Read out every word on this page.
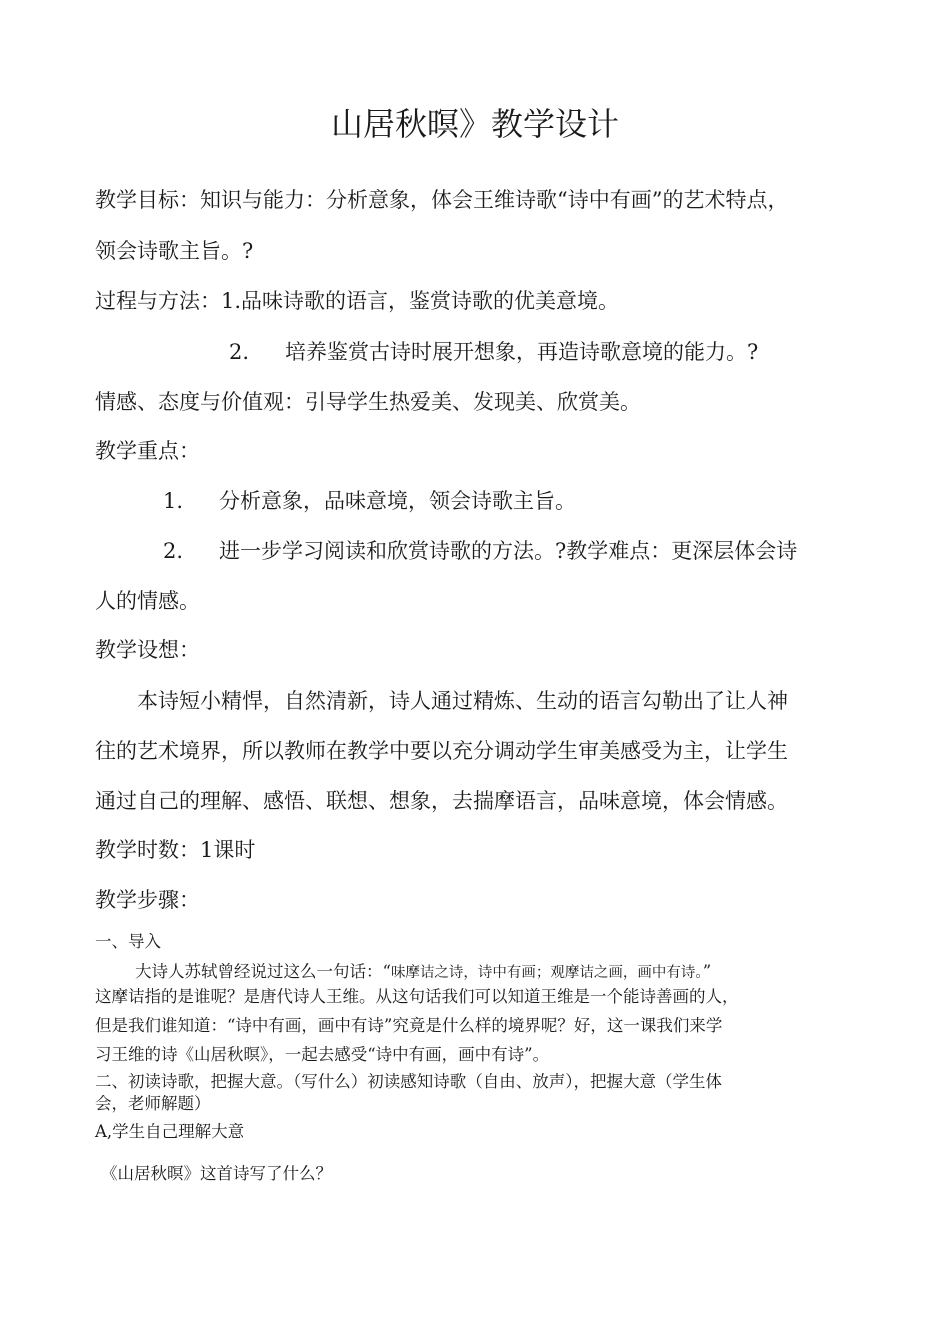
山居秋暝》教学设计
教学目标：知识与能力：分析意象，体会王维诗歌“诗中有画”的艺术特点，
领会诗歌主旨。?
过程与方法：1.品味诗歌的语言，鉴赏诗歌的优美意境。
2. 培养鉴赏古诗时展开想象，再造诗歌意境的能力。?
情感、态度与价值观：引导学生热爱美、发现美、欣赏美。
教学重点：
1. 分析意象，品味意境，领会诗歌主旨。
2. 进一步学习阅读和欣赏诗歌的方法。?教学难点：更深层体会诗
人的情感。
教学设想：
本诗短小精悍，自然清新，诗人通过精炼、生动的语言勾勒出了让人神
往的艺术境界，所以教师在教学中要以充分调动学生审美感受为主，让学生
通过自己的理解、感悟、联想、想象，去揣摩语言，品味意境，体会情感。
教学时数：1课时
教学步骤：
一、导入
大诗人苏轼曾经说过这么一句话：“味摩诘之诗，诗中有画；观摩诘之画，画中有诗。”
这摩诘指的是谁呢？是唐代诗人王维。从这句话我们可以知道王维是一个能诗善画的人，
但是我们谁知道：“诗中有画，画中有诗”究竟是什么样的境界呢？好，这一课我们来学
习王维的诗《山居秋暝》，一起去感受“诗中有画，画中有诗”。
二、初读诗歌，把握大意。（写什么）初读感知诗歌（自由、放声），把握大意（学生体
会，老师解题）
A,学生自己理解大意
《山居秋暝》这首诗写了什么？
